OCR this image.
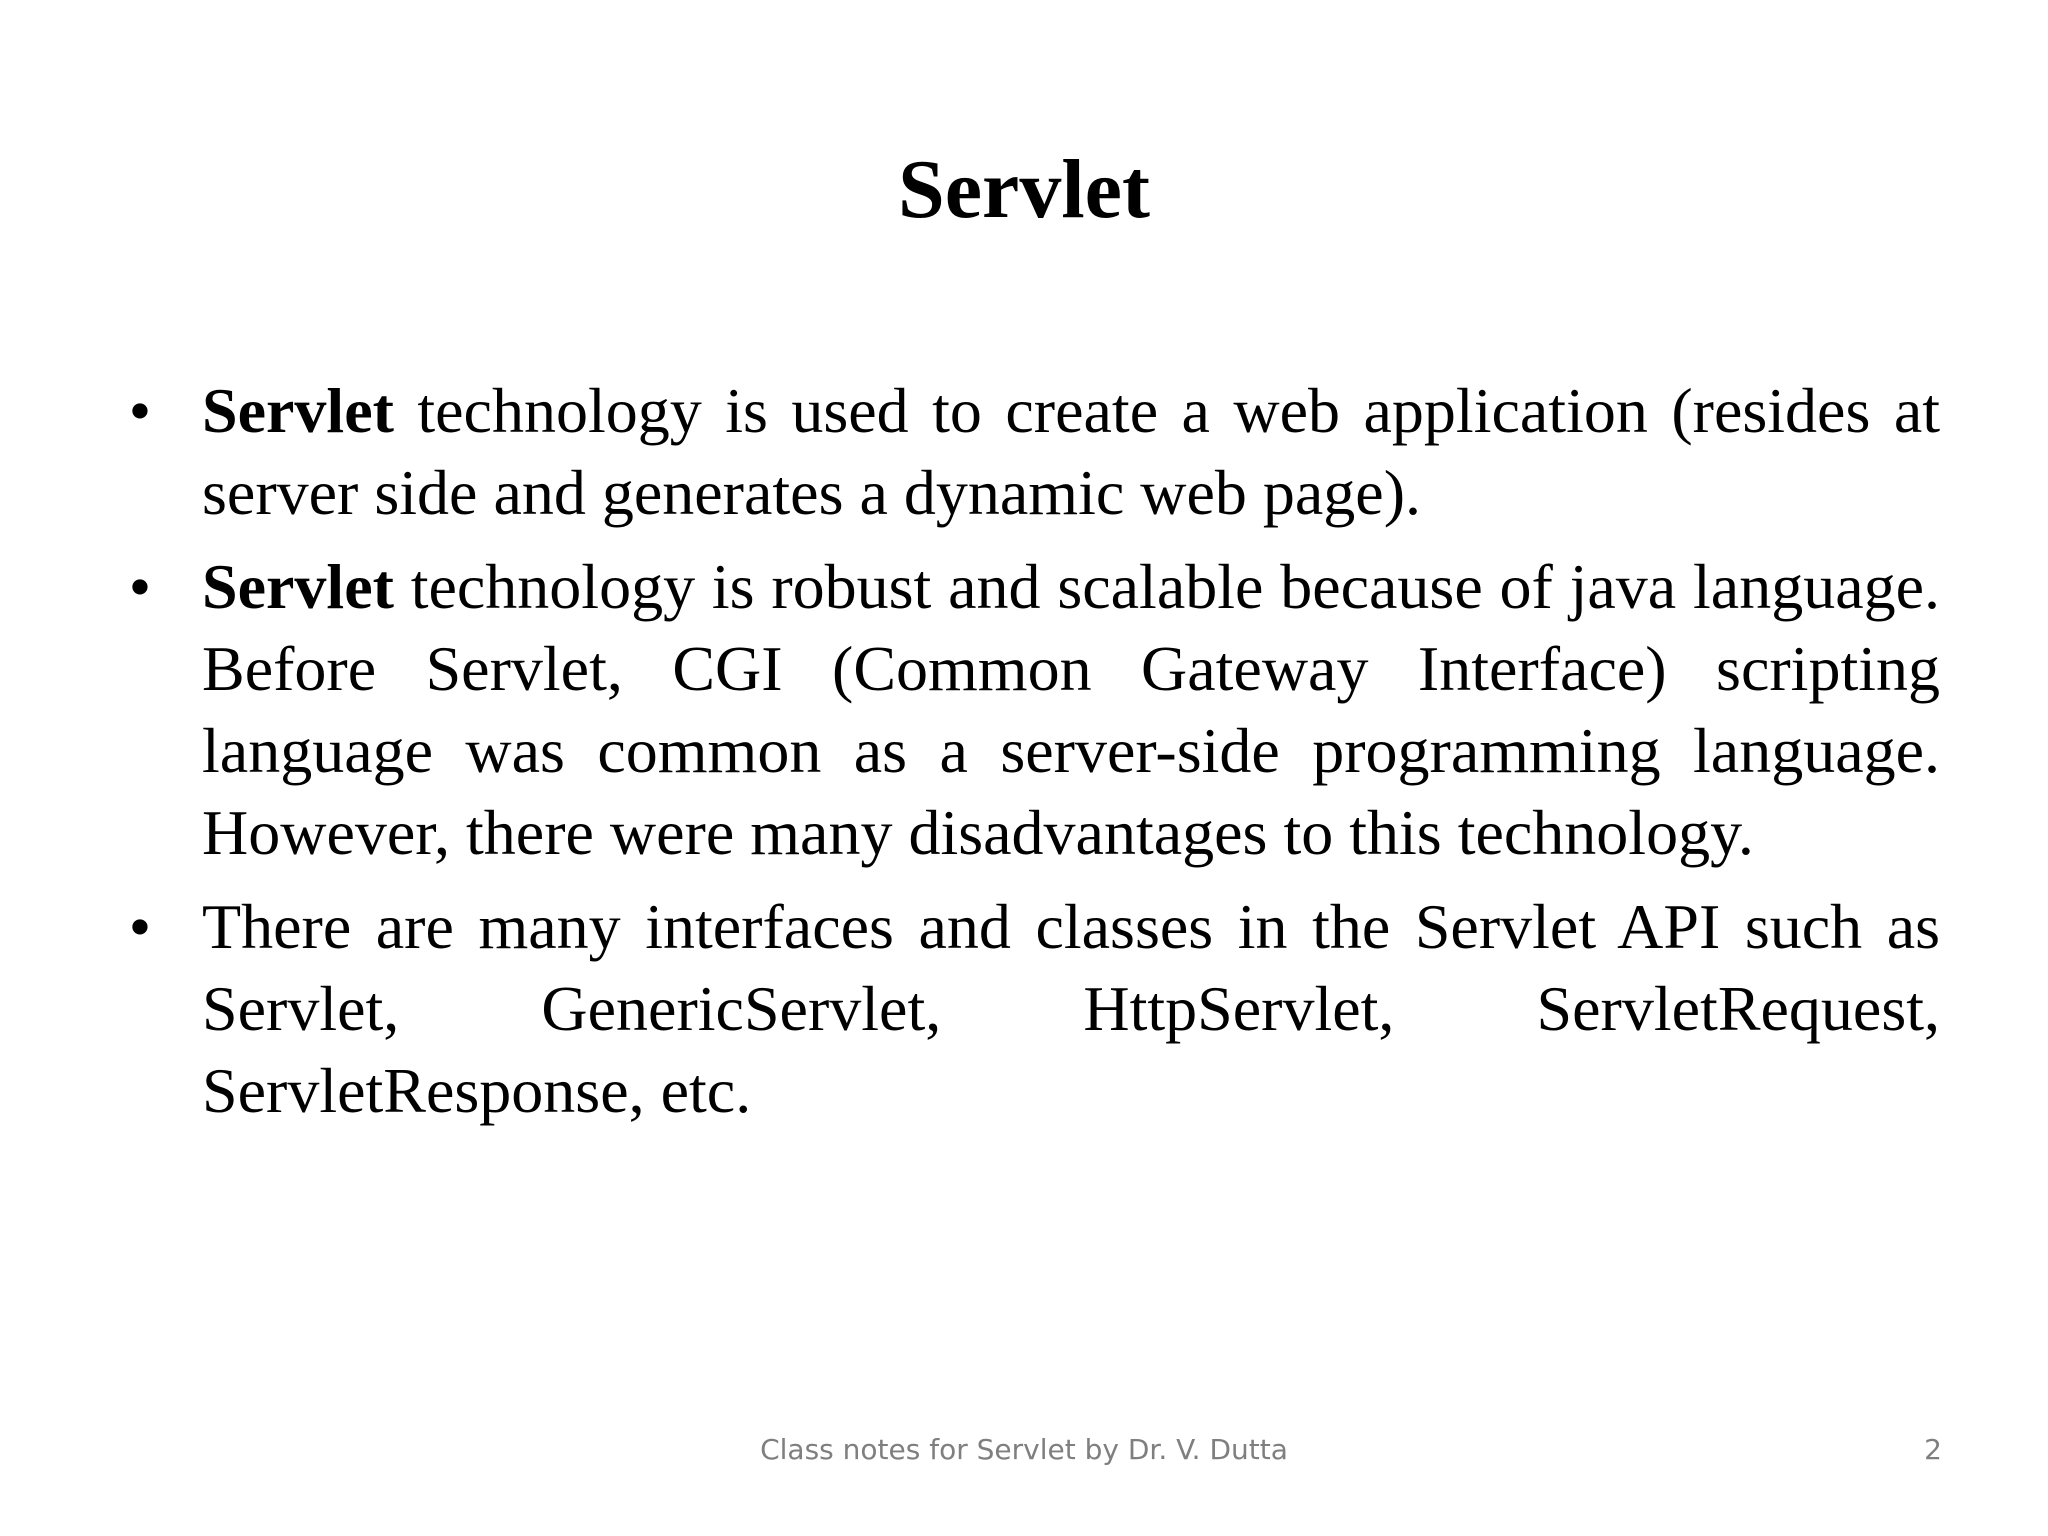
Servlet
• Servlet technology is used to create a web application (resides at server side and generates a dynamic web page).
• Servlet technology is robust and scalable because of java language. Before Servlet, CGI (Common Gateway Interface) scripting language was common as a server-side programming language. However, there were many disadvantages to this technology.
• There are many interfaces and classes in the Servlet API such as Servlet, GenericServlet, HttpServlet, ServletRequest, ServletResponse, etc.
Class notes for Servlet by Dr. V. Dutta	2
